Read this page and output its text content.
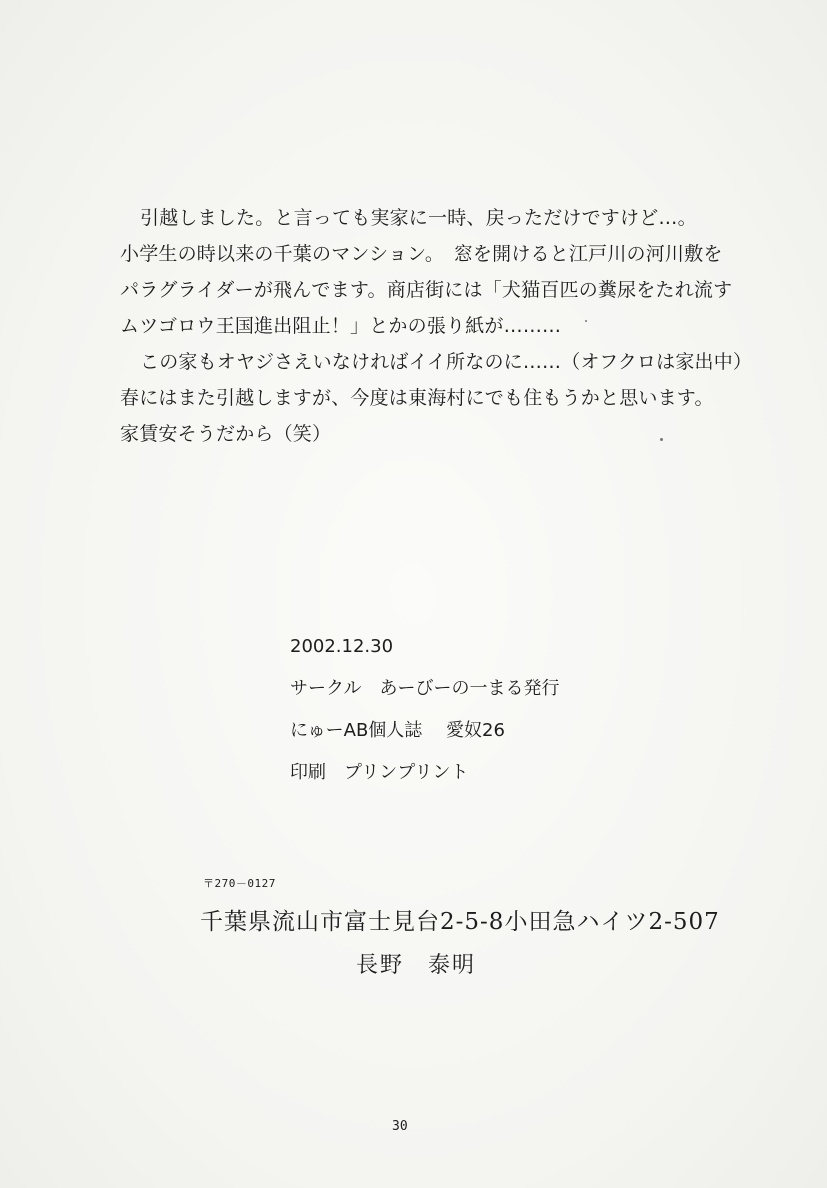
引越しました。と言っても実家に一時、戻っただけですけど…。
小学生の時以来の千葉のマンション。　窓を開けると江戸川の河川敷を
パラグライダーが飛んでます。商店街には「犬猫百匹の糞尿をたれ流す
ムツゴロウ王国進出阻止！」とかの張り紙が………
この家もオヤジさえいなければイイ所なのに……（オフクロは家出中）
春にはまた引越しますが、今度は東海村にでも住もうかと思います。
家賃安そうだから（笑）
2002.12.30
サークル　あーびーの一まる発行
にゅーAB個人誌　 愛奴26
印刷　プリンプリント
〒270－0127
千葉県流山市富士見台2-5-8小田急ハイツ2-507
長野　泰明
30
